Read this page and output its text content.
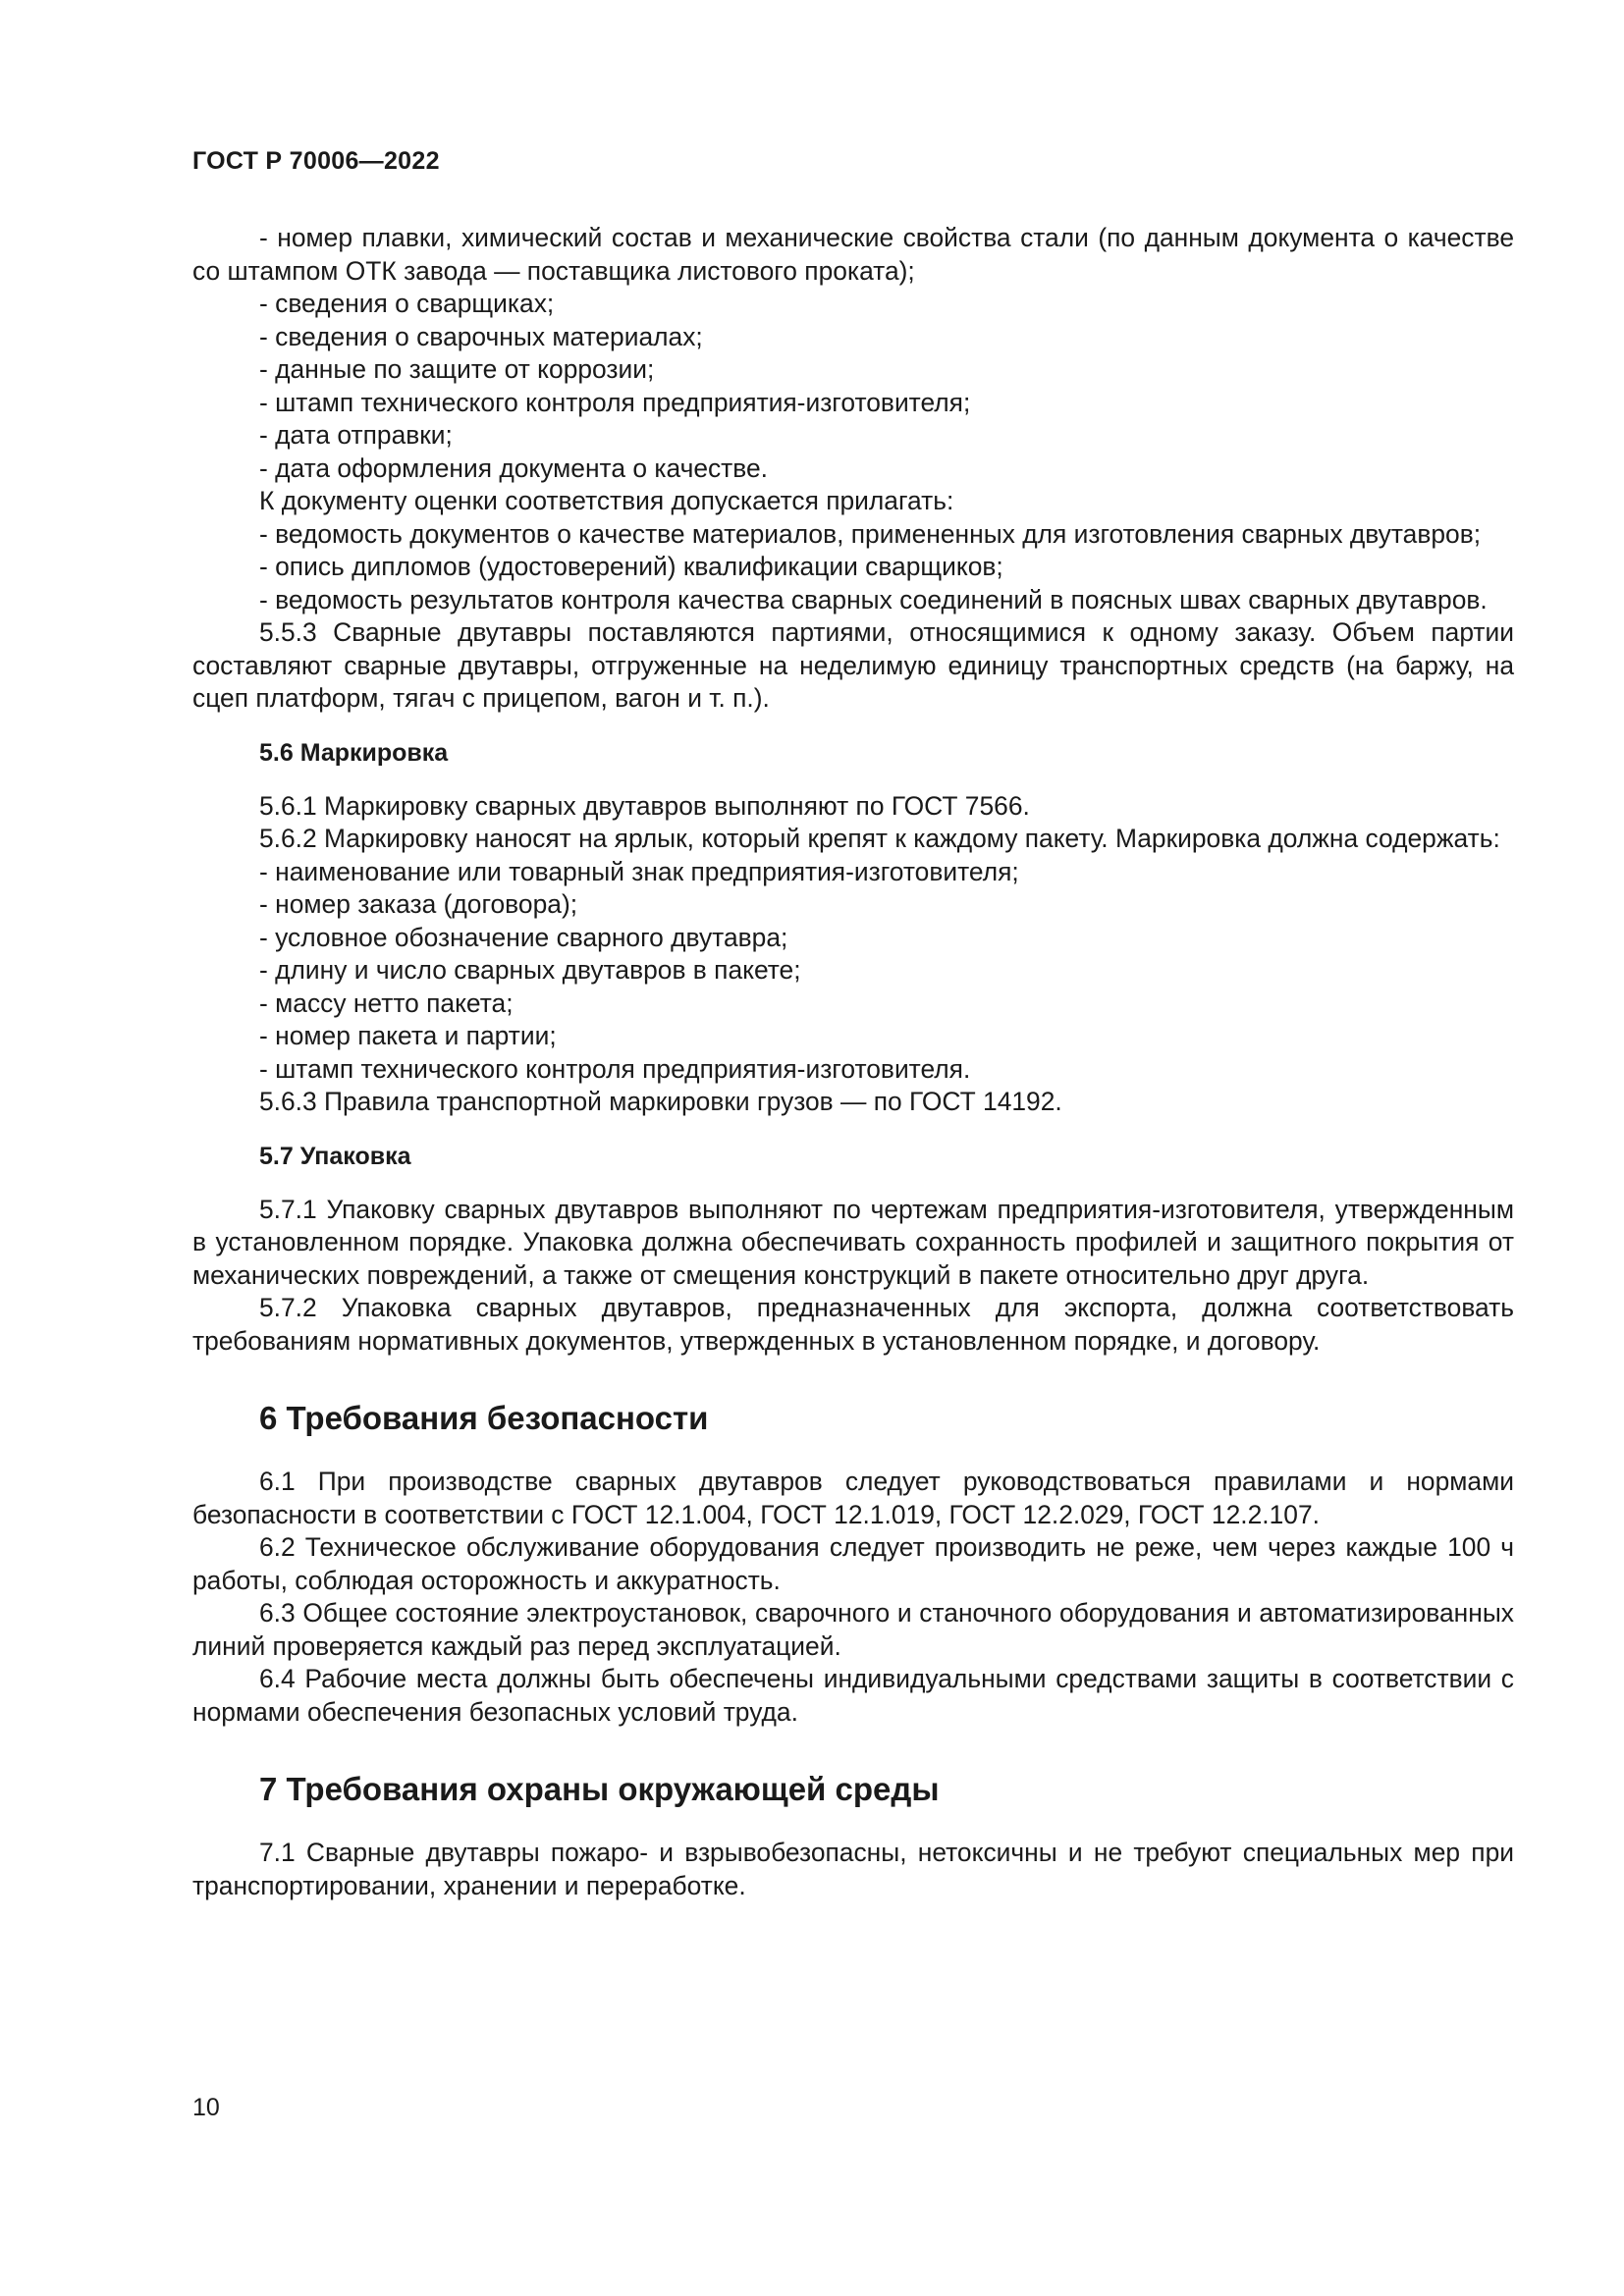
ГОСТ Р 70006—2022

- номер плавки, химический состав и механические свойства стали (по данным документа о качестве со штампом ОТК завода — поставщика листового проката);

- сведения о сварщиках;

- сведения о сварочных материалах;

- данные по защите от коррозии;

- штамп технического контроля предприятия-изготовителя;

- дата отправки;

- дата оформления документа о качестве.

К документу оценки соответствия допускается прилагать:

- ведомость документов о качестве материалов, примененных для изготовления сварных двутавров;

- опись дипломов (удостоверений) квалификации сварщиков;

- ведомость результатов контроля качества сварных соединений в поясных швах сварных двутавров.

5.5.3 Сварные двутавры поставляются партиями, относящимися к одному заказу. Объем партии составляют сварные двутавры, отгруженные на неделимую единицу транспортных средств (на баржу, на сцеп платформ, тягач с прицепом, вагон и т. п.).

5.6 Маркировка

5.6.1 Маркировку сварных двутавров выполняют по ГОСТ 7566.

5.6.2 Маркировку наносят на ярлык, который крепят к каждому пакету. Маркировка должна содержать:

- наименование или товарный знак предприятия-изготовителя;

- номер заказа (договора);

- условное обозначение сварного двутавра;

- длину и число сварных двутавров в пакете;

- массу нетто пакета;

- номер пакета и партии;

- штамп технического контроля предприятия-изготовителя.

5.6.3 Правила транспортной маркировки грузов — по ГОСТ 14192.

5.7 Упаковка

5.7.1 Упаковку сварных двутавров выполняют по чертежам предприятия-изготовителя, утвержденным в установленном порядке. Упаковка должна обеспечивать сохранность профилей и защитного покрытия от механических повреждений, а также от смещения конструкций в пакете относительно друг друга.

5.7.2 Упаковка сварных двутавров, предназначенных для экспорта, должна соответствовать требованиям нормативных документов, утвержденных в установленном порядке, и договору.

6 Требования безопасности

6.1 При производстве сварных двутавров следует руководствоваться правилами и нормами безопасности в соответствии с ГОСТ 12.1.004, ГОСТ 12.1.019, ГОСТ 12.2.029, ГОСТ 12.2.107.

6.2 Техническое обслуживание оборудования следует производить не реже, чем через каждые 100 ч работы, соблюдая осторожность и аккуратность.

6.3 Общее состояние электроустановок, сварочного и станочного оборудования и автоматизированных линий проверяется каждый раз перед эксплуатацией.

6.4 Рабочие места должны быть обеспечены индивидуальными средствами защиты в соответствии с нормами обеспечения безопасных условий труда.

7 Требования охраны окружающей среды

7.1 Сварные двутавры пожаро- и взрывобезопасны, нетоксичны и не требуют специальных мер при транспортировании, хранении и переработке.

10
